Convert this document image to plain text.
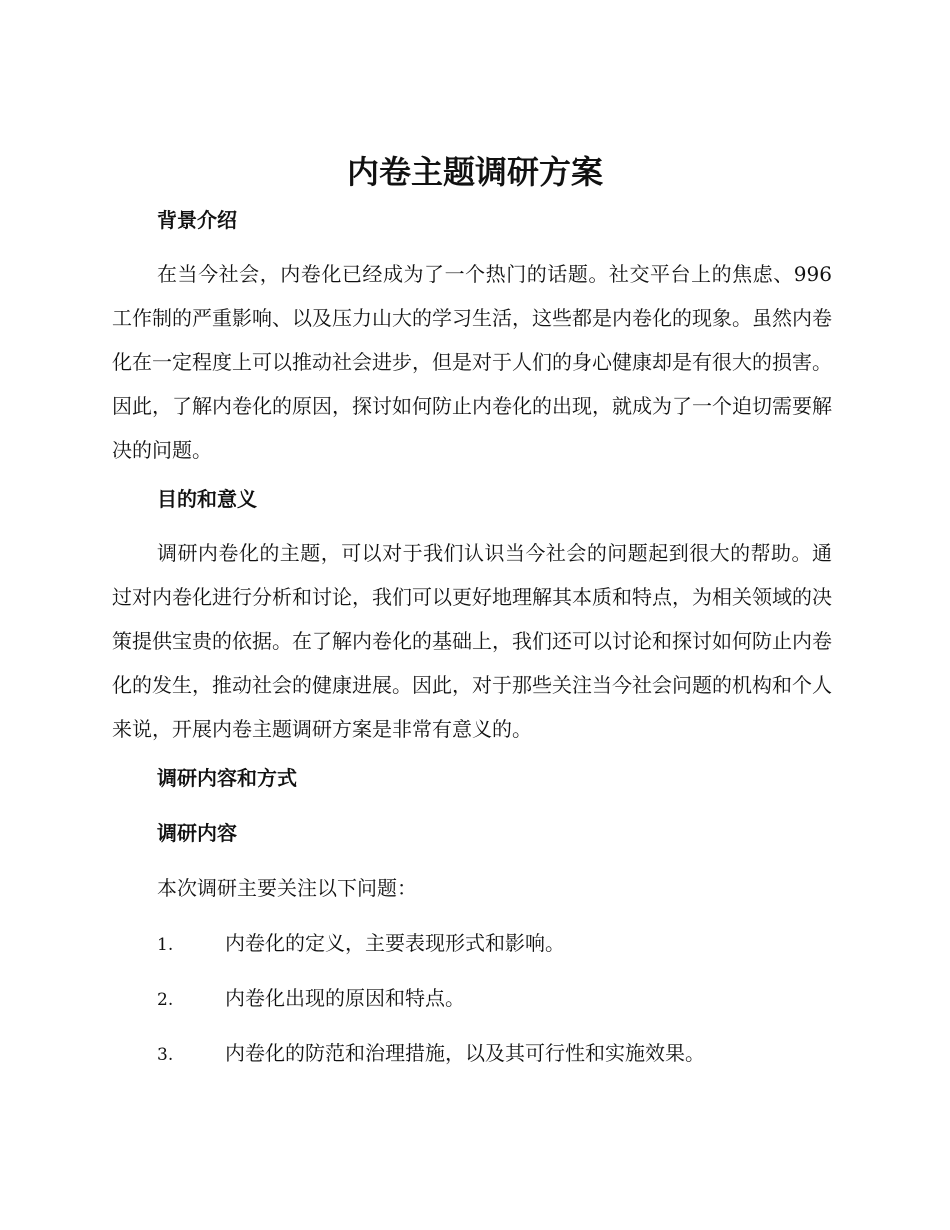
内卷主题调研方案
背景介绍

在当今社会，内卷化已经成为了一个热门的话题。社交平台上的焦虑、996工作制的严重影响、以及压力山大的学习生活，这些都是内卷化的现象。虽然内卷化在一定程度上可以推动社会进步，但是对于人们的身心健康却是有很大的损害。因此，了解内卷化的原因，探讨如何防止内卷化的出现，就成为了一个迫切需要解决的问题。

目的和意义

调研内卷化的主题，可以对于我们认识当今社会的问题起到很大的帮助。通过对内卷化进行分析和讨论，我们可以更好地理解其本质和特点，为相关领域的决策提供宝贵的依据。在了解内卷化的基础上，我们还可以讨论和探讨如何防止内卷化的发生，推动社会的健康进展。因此，对于那些关注当今社会问题的机构和个人来说，开展内卷主题调研方案是非常有意义的。

调研内容和方式
调研内容

本次调研主要关注以下问题：

1.	内卷化的定义，主要表现形式和影响。
2.	内卷化出现的原因和特点。
3.	内卷化的防范和治理措施，以及其可行性和实施效果。
